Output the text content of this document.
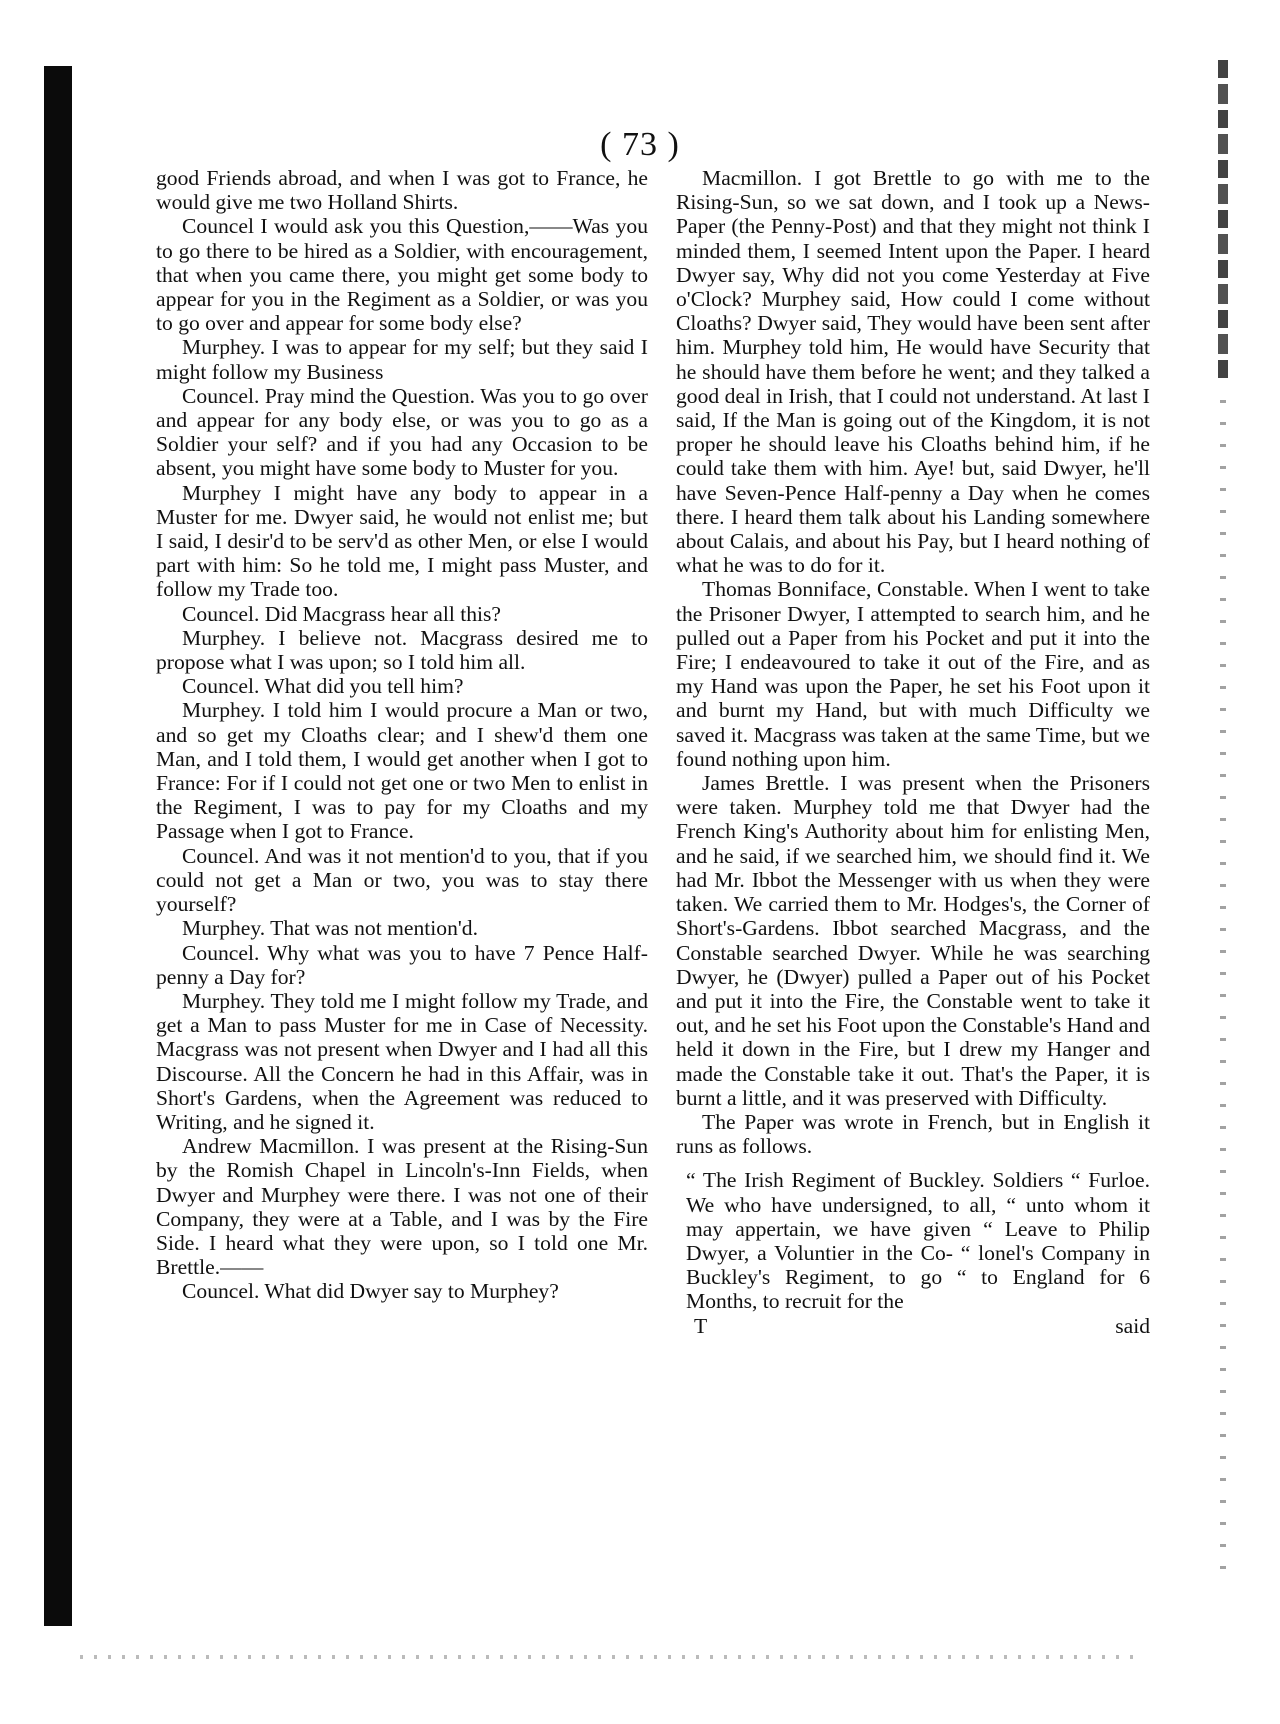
( 73 )

good Friends abroad, and when I was got to France, he would give me two Holland Shirts.

Councel I would ask you this Question,——Was you to go there to be hired as a Soldier, with encouragement, that when you came there, you might get some body to appear for you in the Regiment as a Soldier, or was you to go over and appear for some body else?

Murphey. I was to appear for my self; but they said I might follow my Business

Councel. Pray mind the Question. Was you to go over and appear for any body else, or was you to go as a Soldier your self? and if you had any Occasion to be absent, you might have some body to Muster for you.

Murphey I might have any body to appear in a Muster for me. Dwyer said, he would not enlist me; but I said, I desir'd to be serv'd as other Men, or else I would part with him: So he told me, I might pass Muster, and follow my Trade too.

Councel. Did Macgrass hear all this?

Murphey. I believe not. Macgrass desired me to propose what I was upon; so I told him all.

Councel. What did you tell him?

Murphey. I told him I would procure a Man or two, and so get my Cloaths clear; and I shew'd them one Man, and I told them, I would get another when I got to France: For if I could not get one or two Men to enlist in the Regiment, I was to pay for my Cloaths and my Passage when I got to France.

Councel. And was it not mention'd to you, that if you could not get a Man or two, you was to stay there yourself?

Murphey. That was not mention'd.

Councel. Why what was you to have 7 Pence Half-penny a Day for?

Murphey. They told me I might follow my Trade, and get a Man to pass Muster for me in Case of Necessity. Macgrass was not present when Dwyer and I had all this Discourse. All the Concern he had in this Affair, was in Short's Gardens, when the Agreement was reduced to Writing, and he signed it.

Andrew Macmillon. I was present at the Rising-Sun by the Romish Chapel in Lincoln's-Inn Fields, when Dwyer and Murphey were there. I was not one of their Company, they were at a Table, and I was by the Fire Side. I heard what they were upon, so I told one Mr. Brettle.——

Councel. What did Dwyer say to Murphey?

Macmillon. I got Brettle to go with me to the Rising-Sun, so we sat down, and I took up a News-Paper (the Penny-Post) and that they might not think I minded them, I seemed Intent upon the Paper. I heard Dwyer say, Why did not you come Yesterday at Five o'Clock? Murphey said, How could I come without Cloaths? Dwyer said, They would have been sent after him. Murphey told him, He would have Security that he should have them before he went; and they talked a good deal in Irish, that I could not understand. At last I said, If the Man is going out of the Kingdom, it is not proper he should leave his Cloaths behind him, if he could take them with him. Aye! but, said Dwyer, he'll have Seven-Pence Half-penny a Day when he comes there. I heard them talk about his Landing somewhere about Calais, and about his Pay, but I heard nothing of what he was to do for it.

Thomas Bonniface, Constable. When I went to take the Prisoner Dwyer, I attempted to search him, and he pulled out a Paper from his Pocket and put it into the Fire; I endeavoured to take it out of the Fire, and as my Hand was upon the Paper, he set his Foot upon it and burnt my Hand, but with much Difficulty we saved it. Macgrass was taken at the same Time, but we found nothing upon him.

James Brettle. I was present when the Prisoners were taken. Murphey told me that Dwyer had the French King's Authority about him for enlisting Men, and he said, if we searched him, we should find it. We had Mr. Ibbot the Messenger with us when they were taken. We carried them to Mr. Hodges's, the Corner of Short's-Gardens. Ibbot searched Macgrass, and the Constable searched Dwyer. While he was searching Dwyer, he (Dwyer) pulled a Paper out of his Pocket and put it into the Fire, the Constable went to take it out, and he set his Foot upon the Constable's Hand and held it down in the Fire, but I drew my Hanger and made the Constable take it out. That's the Paper, it is burnt a little, and it was preserved with Difficulty.

The Paper was wrote in French, but in English it runs as follows.

“ The Irish Regiment of Buckley. Soldiers “ Furloe. We who have undersigned, to all, “ unto whom it may appertain, we have given “ Leave to Philip Dwyer, a Voluntier in the Co- “ lonel's Company in Buckley's Regiment, to go “ to England for 6 Months, to recruit for the

T	said
